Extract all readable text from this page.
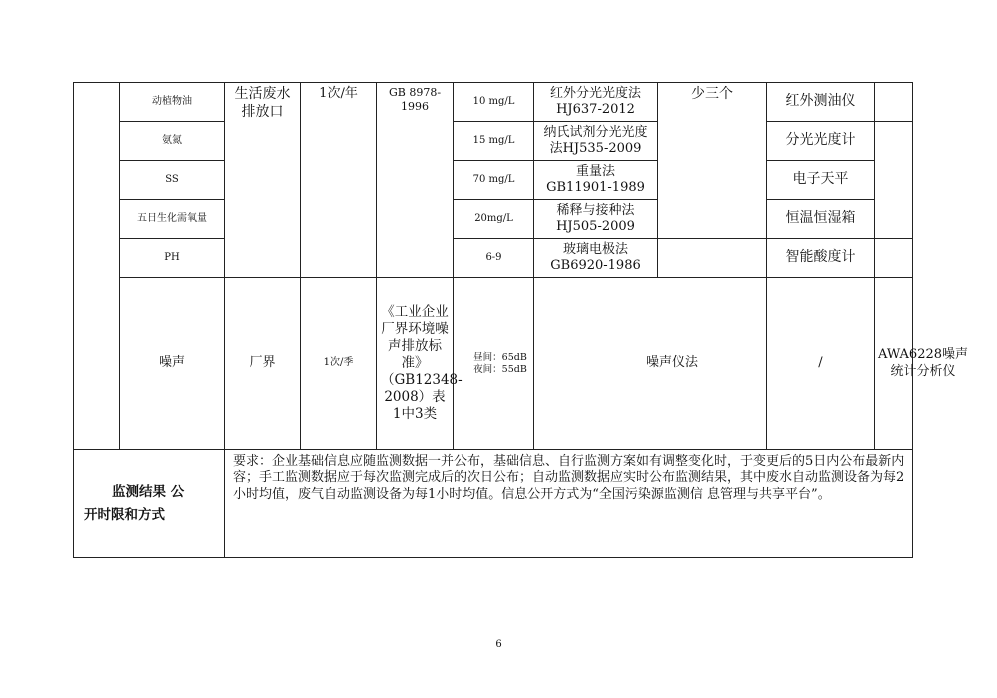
	动植物油	生活废水排放口	1次/年	GB 8978-1996	10 mg/L	红外分光光度法HJ637-2012	少三个	红外测油仪		
	氨氮				15 mg/L	纳氏试剂分光光度法HJ535-2009		分光光度计		
	SS				70 mg/L	重量法GB11901-1989		电子天平		
	五日生化需氧量				20mg/L	稀释与接种法HJ505-2009		恒温恒湿箱		
	PH				6-9	玻璃电极法GB6920-1986		智能酸度计		
	噪声	厂界	1次/季	《工业企业厂界环境噪声排放标准》（GB12348-2008）表1中3类	昼间：65dB 夜间：55dB	噪声仪法		/	AWA6228噪声统计分析仪	

监测结果 公
开时限和方式		要求：企业基础信息应随监测数据一并公布，基础信息、自行监测方案如有调整变化时，于变更后的5日内公布最新内容；手工监测数据应于每次监测完成后的次日公布；自动监测数据应实时公布监测结果，其中废水自动监测设备为每2小时均值，废气自动监测设备为每1小时均值。信息公开方式为“全国污染源监测信 息管理与共享平台”。								
6
